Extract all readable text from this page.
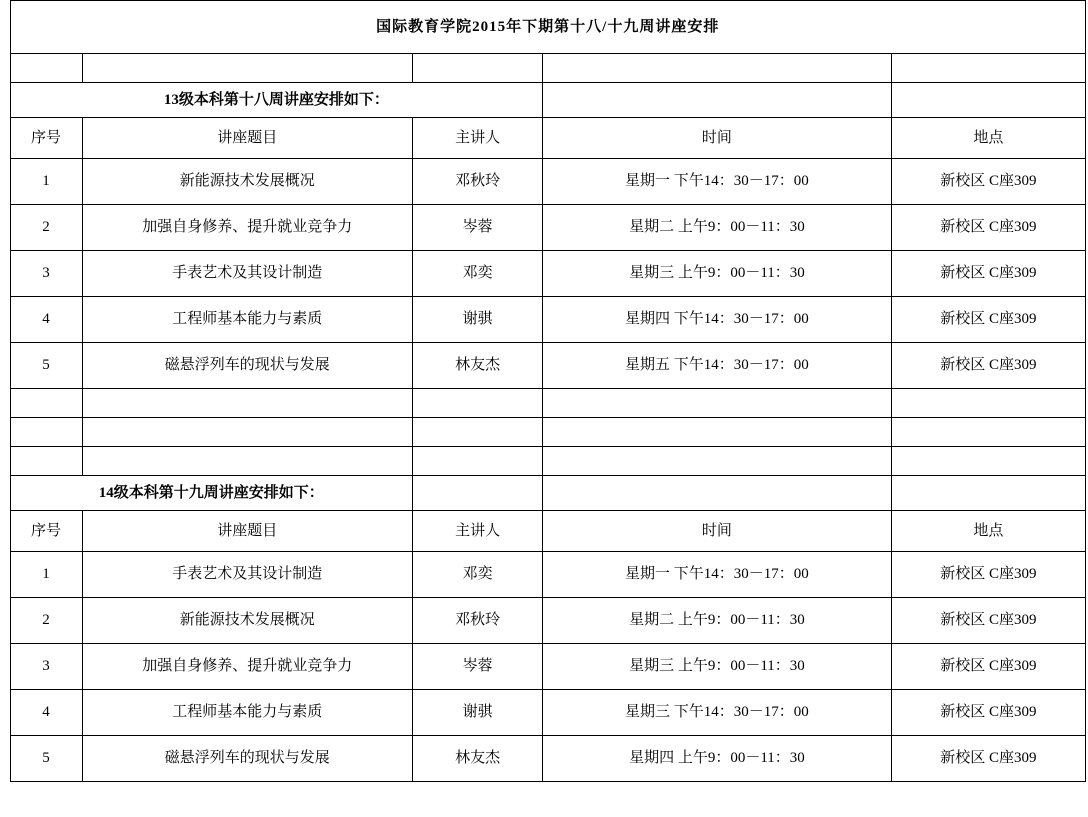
	国际教育学院2015年下期第十八/十九周讲座安排				

	13级本科第十八周讲座安排如下：				
	序号	讲座题目	主讲人	时间	地点
	1	新能源技术发展概况	邓秋玲	星期一 下午14：30－17：00	新校区 C座309
	2	加强自身修养、提升就业竞争力	岑蓉	星期二 上午9：00－11：30	新校区 C座309
	3	手表艺术及其设计制造	邓奕	星期三 上午9：00－11：30	新校区 C座309
	4	工程师基本能力与素质	谢骐	星期四 下午14：30－17：00	新校区 C座309
	5	磁悬浮列车的现状与发展	林友杰	星期五 下午14：30－17：00	新校区 C座309

	14级本科第十九周讲座安排如下：				
	序号	讲座题目	主讲人	时间	地点
	1	手表艺术及其设计制造	邓奕	星期一 下午14：30－17：00	新校区 C座309
	2	新能源技术发展概况	邓秋玲	星期二 上午9：00－11：30	新校区 C座309
	3	加强自身修养、提升就业竞争力	岑蓉	星期三 上午9：00－11：30	新校区 C座309
	4	工程师基本能力与素质	谢骐	星期三 下午14：30－17：00	新校区 C座309
	5	磁悬浮列车的现状与发展	林友杰	星期四 上午9：00－11：30	新校区 C座309
